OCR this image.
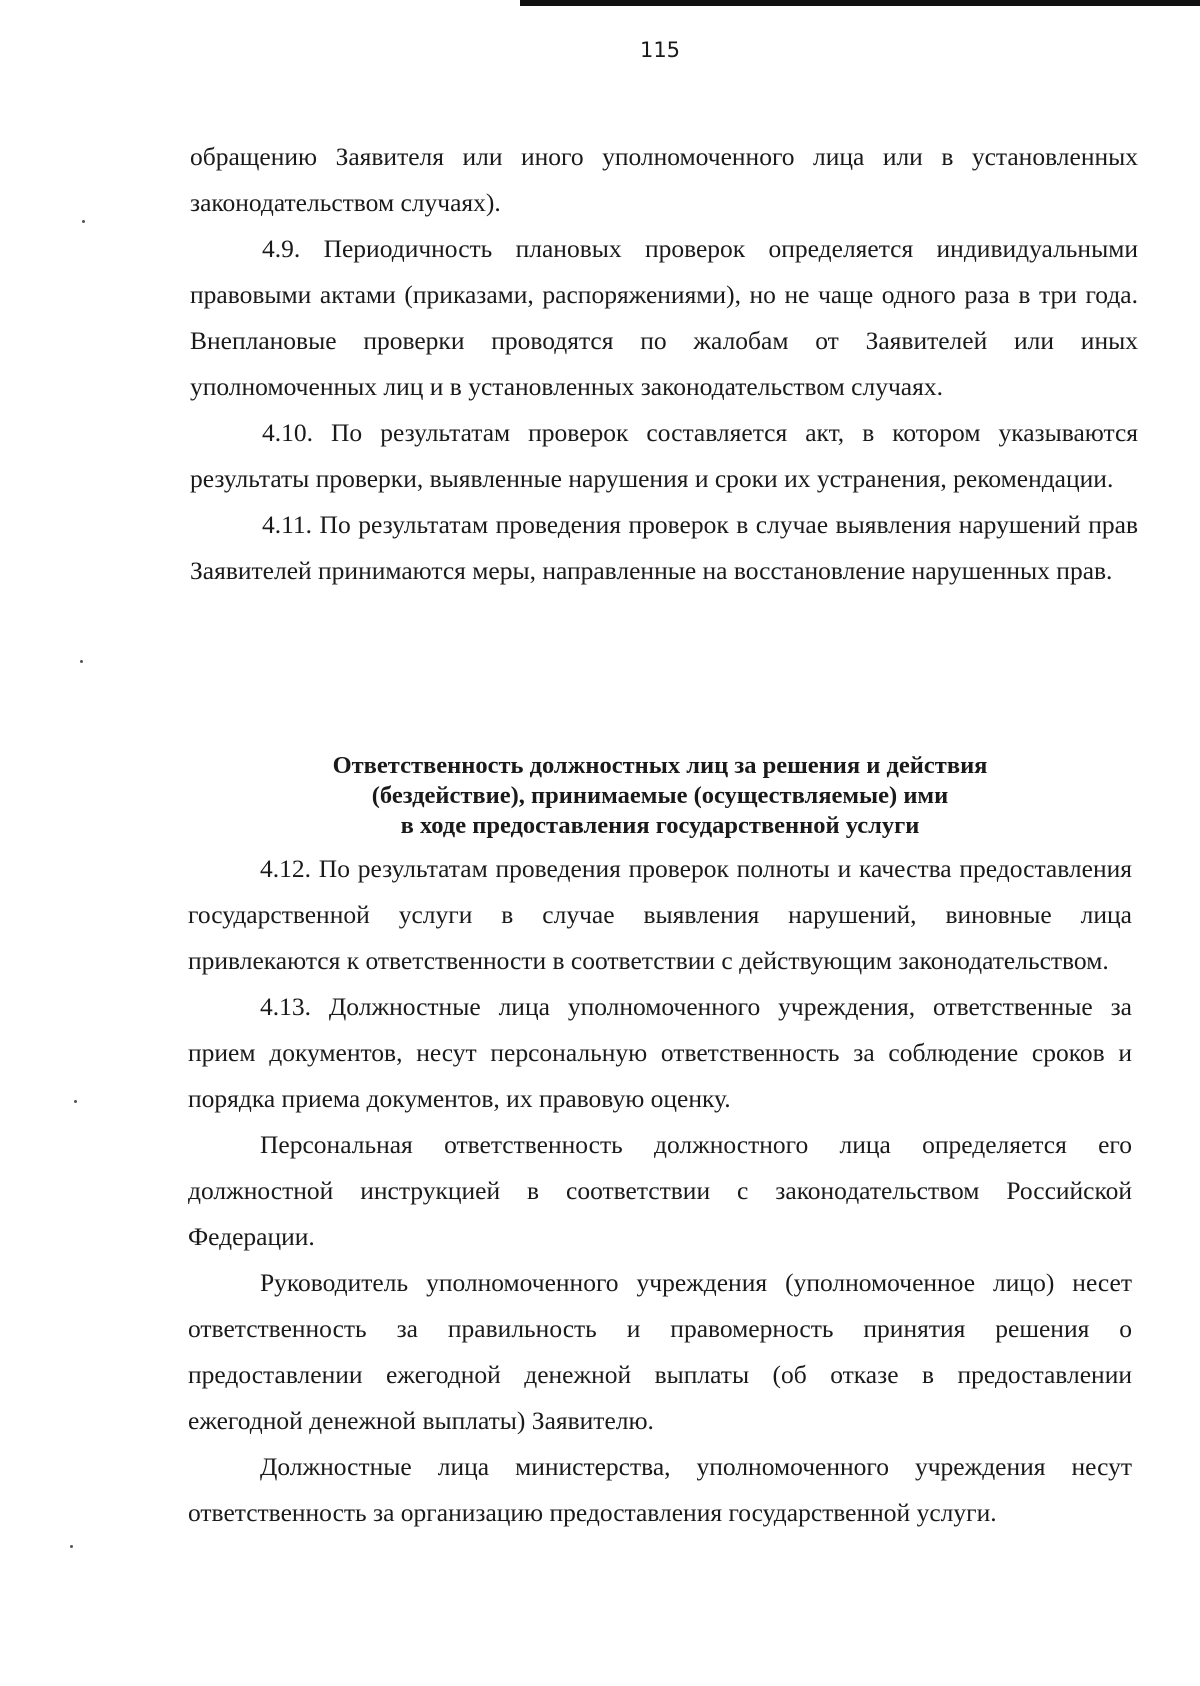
115

обращению Заявителя или иного уполномоченного лица или в установленных законодательством случаях).

4.9. Периодичность плановых проверок определяется индивидуальными правовыми актами (приказами, распоряжениями), но не чаще одного раза в три года. Внеплановые проверки проводятся по жалобам от Заявителей или иных уполномоченных лиц и в установленных законодательством случаях.

4.10. По результатам проверок составляется акт, в котором указываются результаты проверки, выявленные нарушения и сроки их устранения, рекомендации.

4.11. По результатам проведения проверок в случае выявления нарушений прав Заявителей принимаются меры, направленные на восстановление нарушенных прав.

Ответственность должностных лиц за решения и действия
(бездействие), принимаемые (осуществляемые) ими
в ходе предоставления государственной услуги

4.12. По результатам проведения проверок полноты и качества предоставления государственной услуги в случае выявления нарушений, виновные лица привлекаются к ответственности в соответствии с действующим законодательством.

4.13. Должностные лица уполномоченного учреждения, ответственные за прием документов, несут персональную ответственность за соблюдение сроков и порядка приема документов, их правовую оценку.

Персональная ответственность должностного лица определяется его должностной инструкцией в соответствии с законодательством Российской Федерации.

Руководитель уполномоченного учреждения (уполномоченное лицо) несет ответственность за правильность и правомерность принятия решения о предоставлении ежегодной денежной выплаты (об отказе в предоставлении ежегодной денежной выплаты) Заявителю.

Должностные лица министерства, уполномоченного учреждения несут ответственность за организацию предоставления государственной услуги.
